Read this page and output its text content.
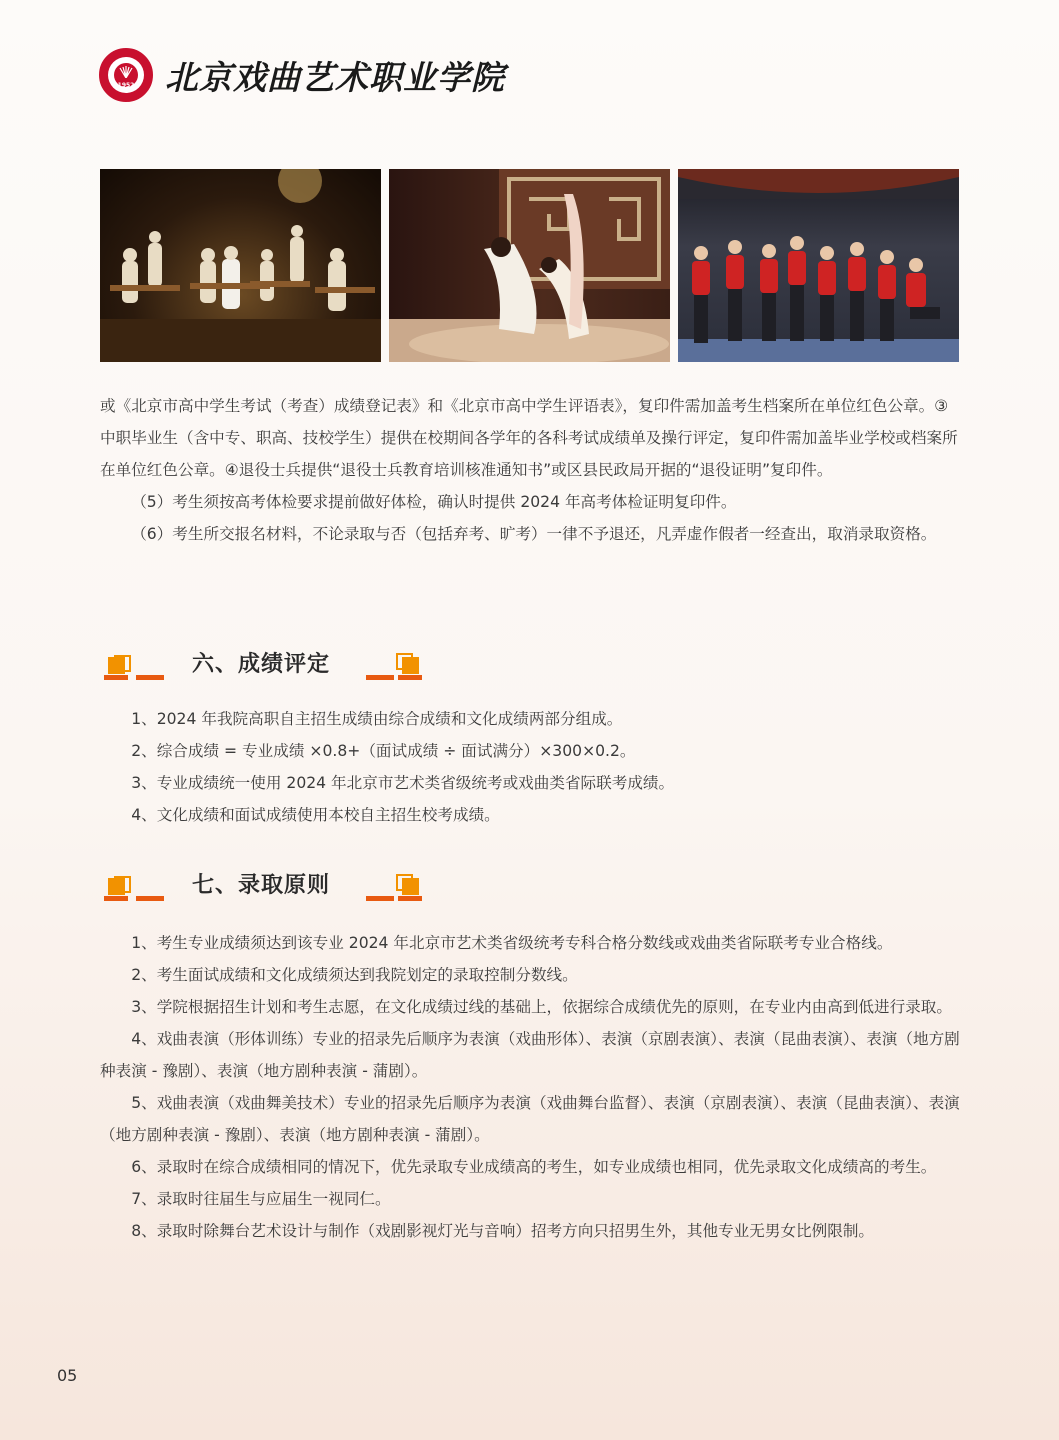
1952 北京戏曲艺术职业学院

或《北京市高中学生考试（考查）成绩登记表》和《北京市高中学生评语表》，复印件需加盖考生档案所在单位红色公章。③中职毕业生（含中专、职高、技校学生）提供在校期间各学年的各科考试成绩单及操行评定，复印件需加盖毕业学校或档案所在单位红色公章。④退役士兵提供“退役士兵教育培训核准通知书”或区县民政局开据的“退役证明”复印件。

（5）考生须按高考体检要求提前做好体检，确认时提供 2024 年高考体检证明复印件。

（6）考生所交报名材料，不论录取与否（包括弃考、旷考）一律不予退还，凡弄虚作假者一经查出，取消录取资格。

六、成绩评定

1、2024 年我院高职自主招生成绩由综合成绩和文化成绩两部分组成。

2、综合成绩 = 专业成绩 ×0.8+（面试成绩 ÷ 面试满分）×300×0.2。

3、专业成绩统一使用 2024 年北京市艺术类省级统考或戏曲类省际联考成绩。

4、文化成绩和面试成绩使用本校自主招生校考成绩。

七、录取原则

1、考生专业成绩须达到该专业 2024 年北京市艺术类省级统考专科合格分数线或戏曲类省际联考专业合格线。

2、考生面试成绩和文化成绩须达到我院划定的录取控制分数线。

3、学院根据招生计划和考生志愿，在文化成绩过线的基础上，依据综合成绩优先的原则，在专业内由高到低进行录取。

4、戏曲表演（形体训练）专业的招录先后顺序为表演（戏曲形体）、表演（京剧表演）、表演（昆曲表演）、表演（地方剧种表演 - 豫剧）、表演（地方剧种表演 - 蒲剧）。

5、戏曲表演（戏曲舞美技术）专业的招录先后顺序为表演（戏曲舞台监督）、表演（京剧表演）、表演（昆曲表演）、表演（地方剧种表演 - 豫剧）、表演（地方剧种表演 - 蒲剧）。

6、录取时在综合成绩相同的情况下，优先录取专业成绩高的考生，如专业成绩也相同，优先录取文化成绩高的考生。

7、录取时往届生与应届生一视同仁。

8、录取时除舞台艺术设计与制作（戏剧影视灯光与音响）招考方向只招男生外，其他专业无男女比例限制。

05
